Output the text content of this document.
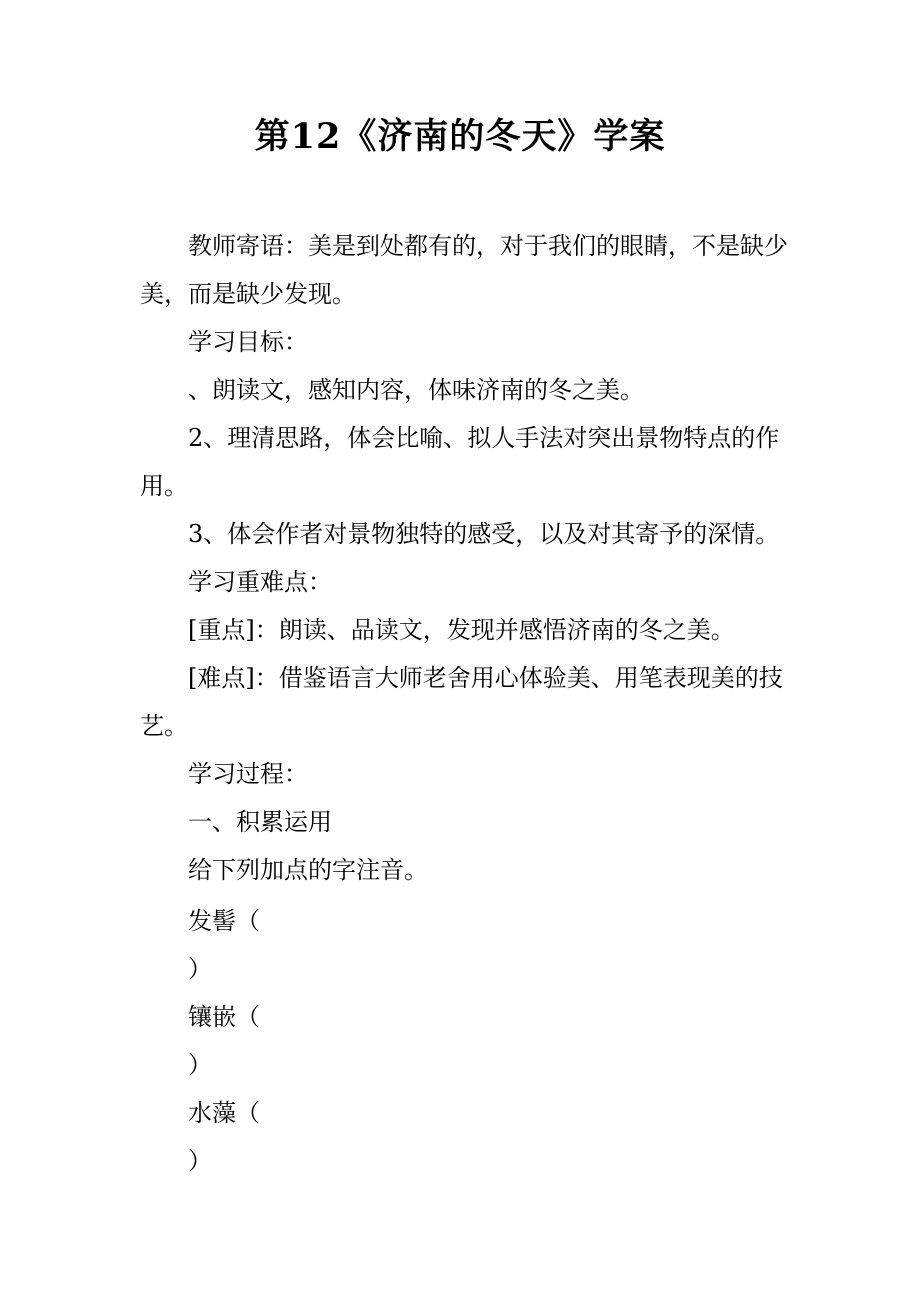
第12《济南的冬天》学案

教师寄语：美是到处都有的，对于我们的眼睛，不是缺少美，而是缺少发现。

学习目标：

、朗读文，感知内容，体味济南的冬之美。

2、理清思路，体会比喻、拟人手法对突出景物特点的作用。

3、体会作者对景物独特的感受，以及对其寄予的深情。

学习重难点：

[重点]：朗读、品读文，发现并感悟济南的冬之美。

[难点]：借鉴语言大师老舍用心体验美、用笔表现美的技艺。

学习过程：

一、积累运用

给下列加点的字注音。

发髻（
）
镶嵌（
）
水藻（
）
